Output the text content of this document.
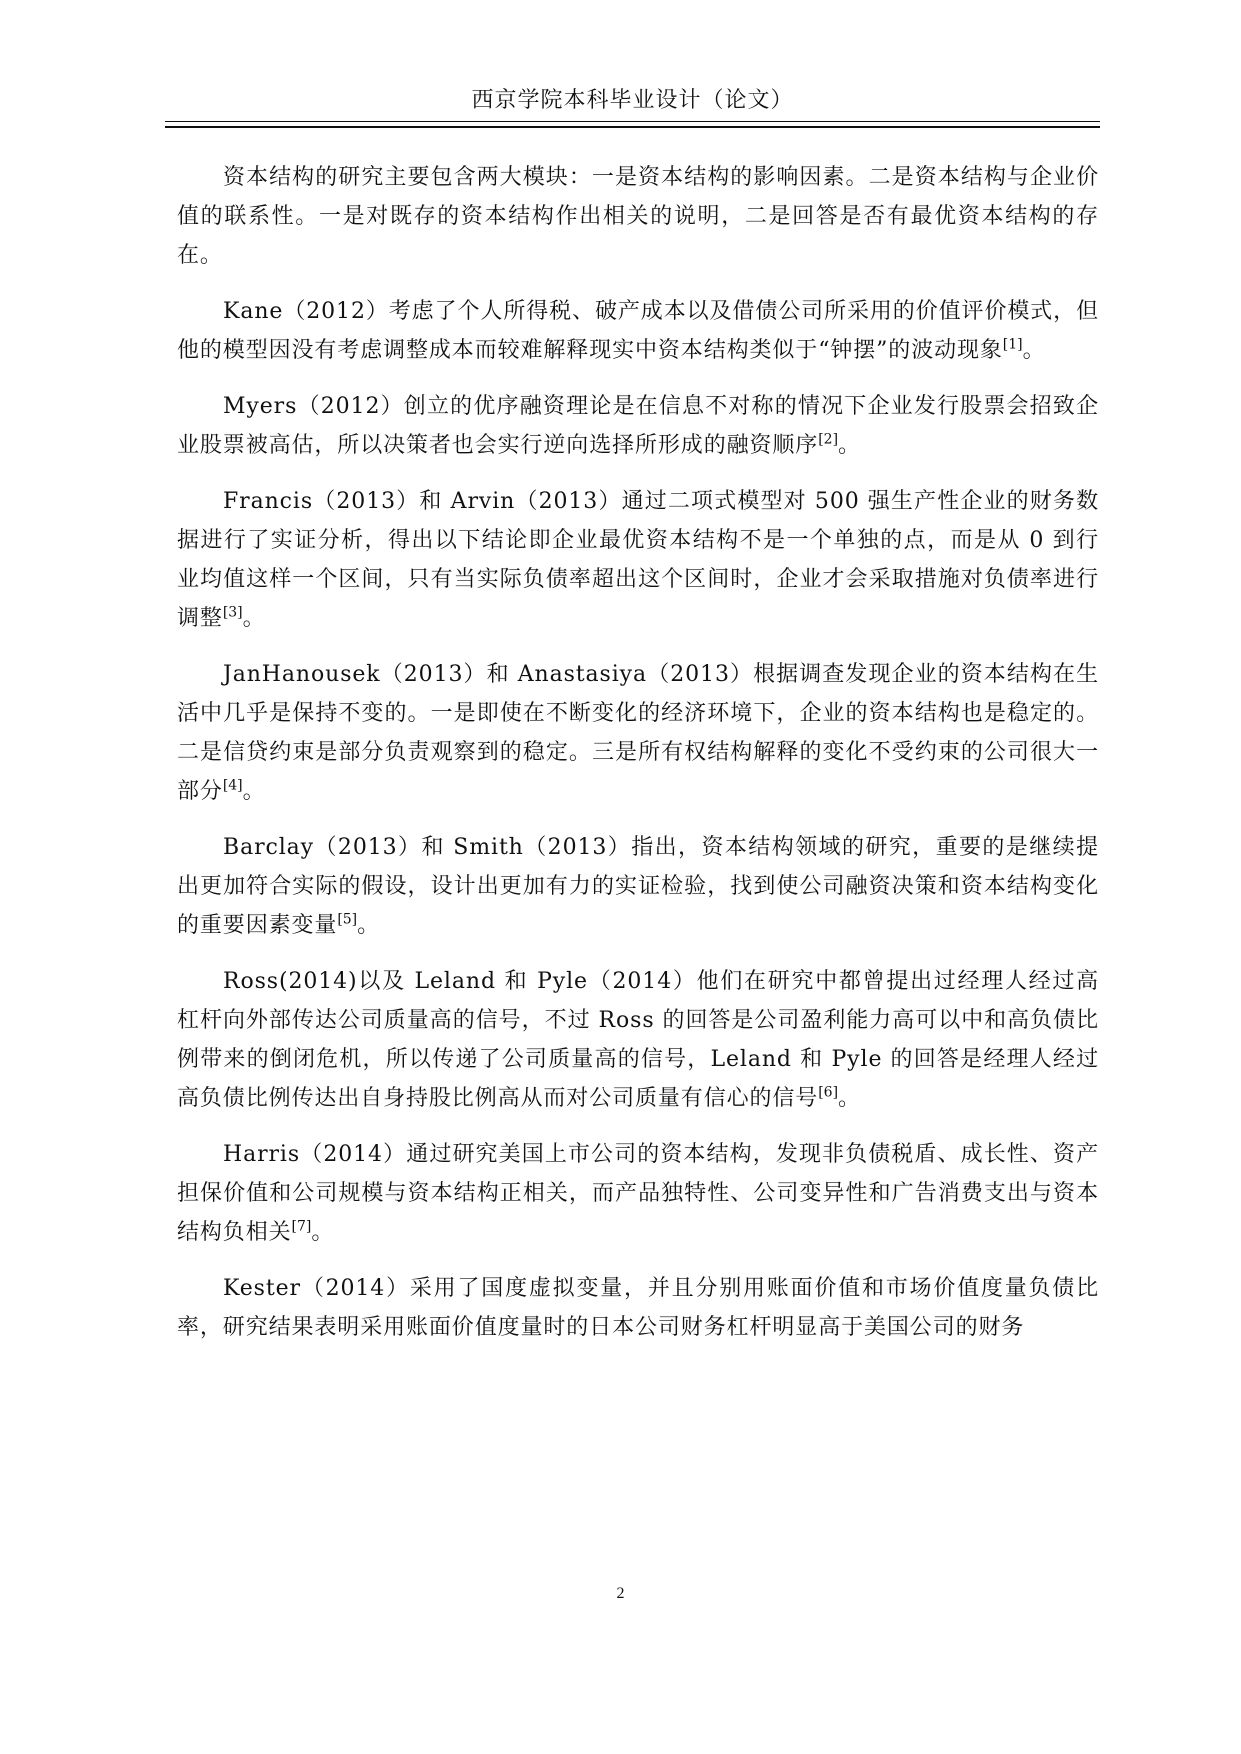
西京学院本科毕业设计（论文）

资本结构的研究主要包含两大模块：一是资本结构的影响因素。二是资本结构与企业价值的联系性。一是对既存的资本结构作出相关的说明，二是回答是否有最优资本结构的存在。

Kane（2012）考虑了个人所得税、破产成本以及借债公司所采用的价值评价模式，但他的模型因没有考虑调整成本而较难解释现实中资本结构类似于“钟摆”的波动现象[1]。

Myers（2012）创立的优序融资理论是在信息不对称的情况下企业发行股票会招致企业股票被高估，所以决策者也会实行逆向选择所形成的融资顺序[2]。

Francis（2013）和 Arvin（2013）通过二项式模型对 500 强生产性企业的财务数据进行了实证分析，得出以下结论即企业最优资本结构不是一个单独的点，而是从 0 到行业均值这样一个区间，只有当实际负债率超出这个区间时，企业才会采取措施对负债率进行调整[3]。

JanHanousek（2013）和 Anastasiya（2013）根据调查发现企业的资本结构在生活中几乎是保持不变的。一是即使在不断变化的经济环境下，企业的资本结构也是稳定的。二是信贷约束是部分负责观察到的稳定。三是所有权结构解释的变化不受约束的公司很大一部分[4]。

Barclay（2013）和 Smith（2013）指出，资本结构领域的研究，重要的是继续提出更加符合实际的假设，设计出更加有力的实证检验，找到使公司融资决策和资本结构变化的重要因素变量[5]。

Ross(2014)以及 Leland 和 Pyle（2014）他们在研究中都曾提出过经理人经过高杠杆向外部传达公司质量高的信号，不过 Ross 的回答是公司盈利能力高可以中和高负债比例带来的倒闭危机，所以传递了公司质量高的信号，Leland 和 Pyle 的回答是经理人经过高负债比例传达出自身持股比例高从而对公司质量有信心的信号[6]。

Harris（2014）通过研究美国上市公司的资本结构，发现非负债税盾、成长性、资产担保价值和公司规模与资本结构正相关，而产品独特性、公司变异性和广告消费支出与资本结构负相关[7]。

Kester（2014）采用了国度虚拟变量，并且分别用账面价值和市场价值度量负债比率，研究结果表明采用账面价值度量时的日本公司财务杠杆明显高于美国公司的财务

2
